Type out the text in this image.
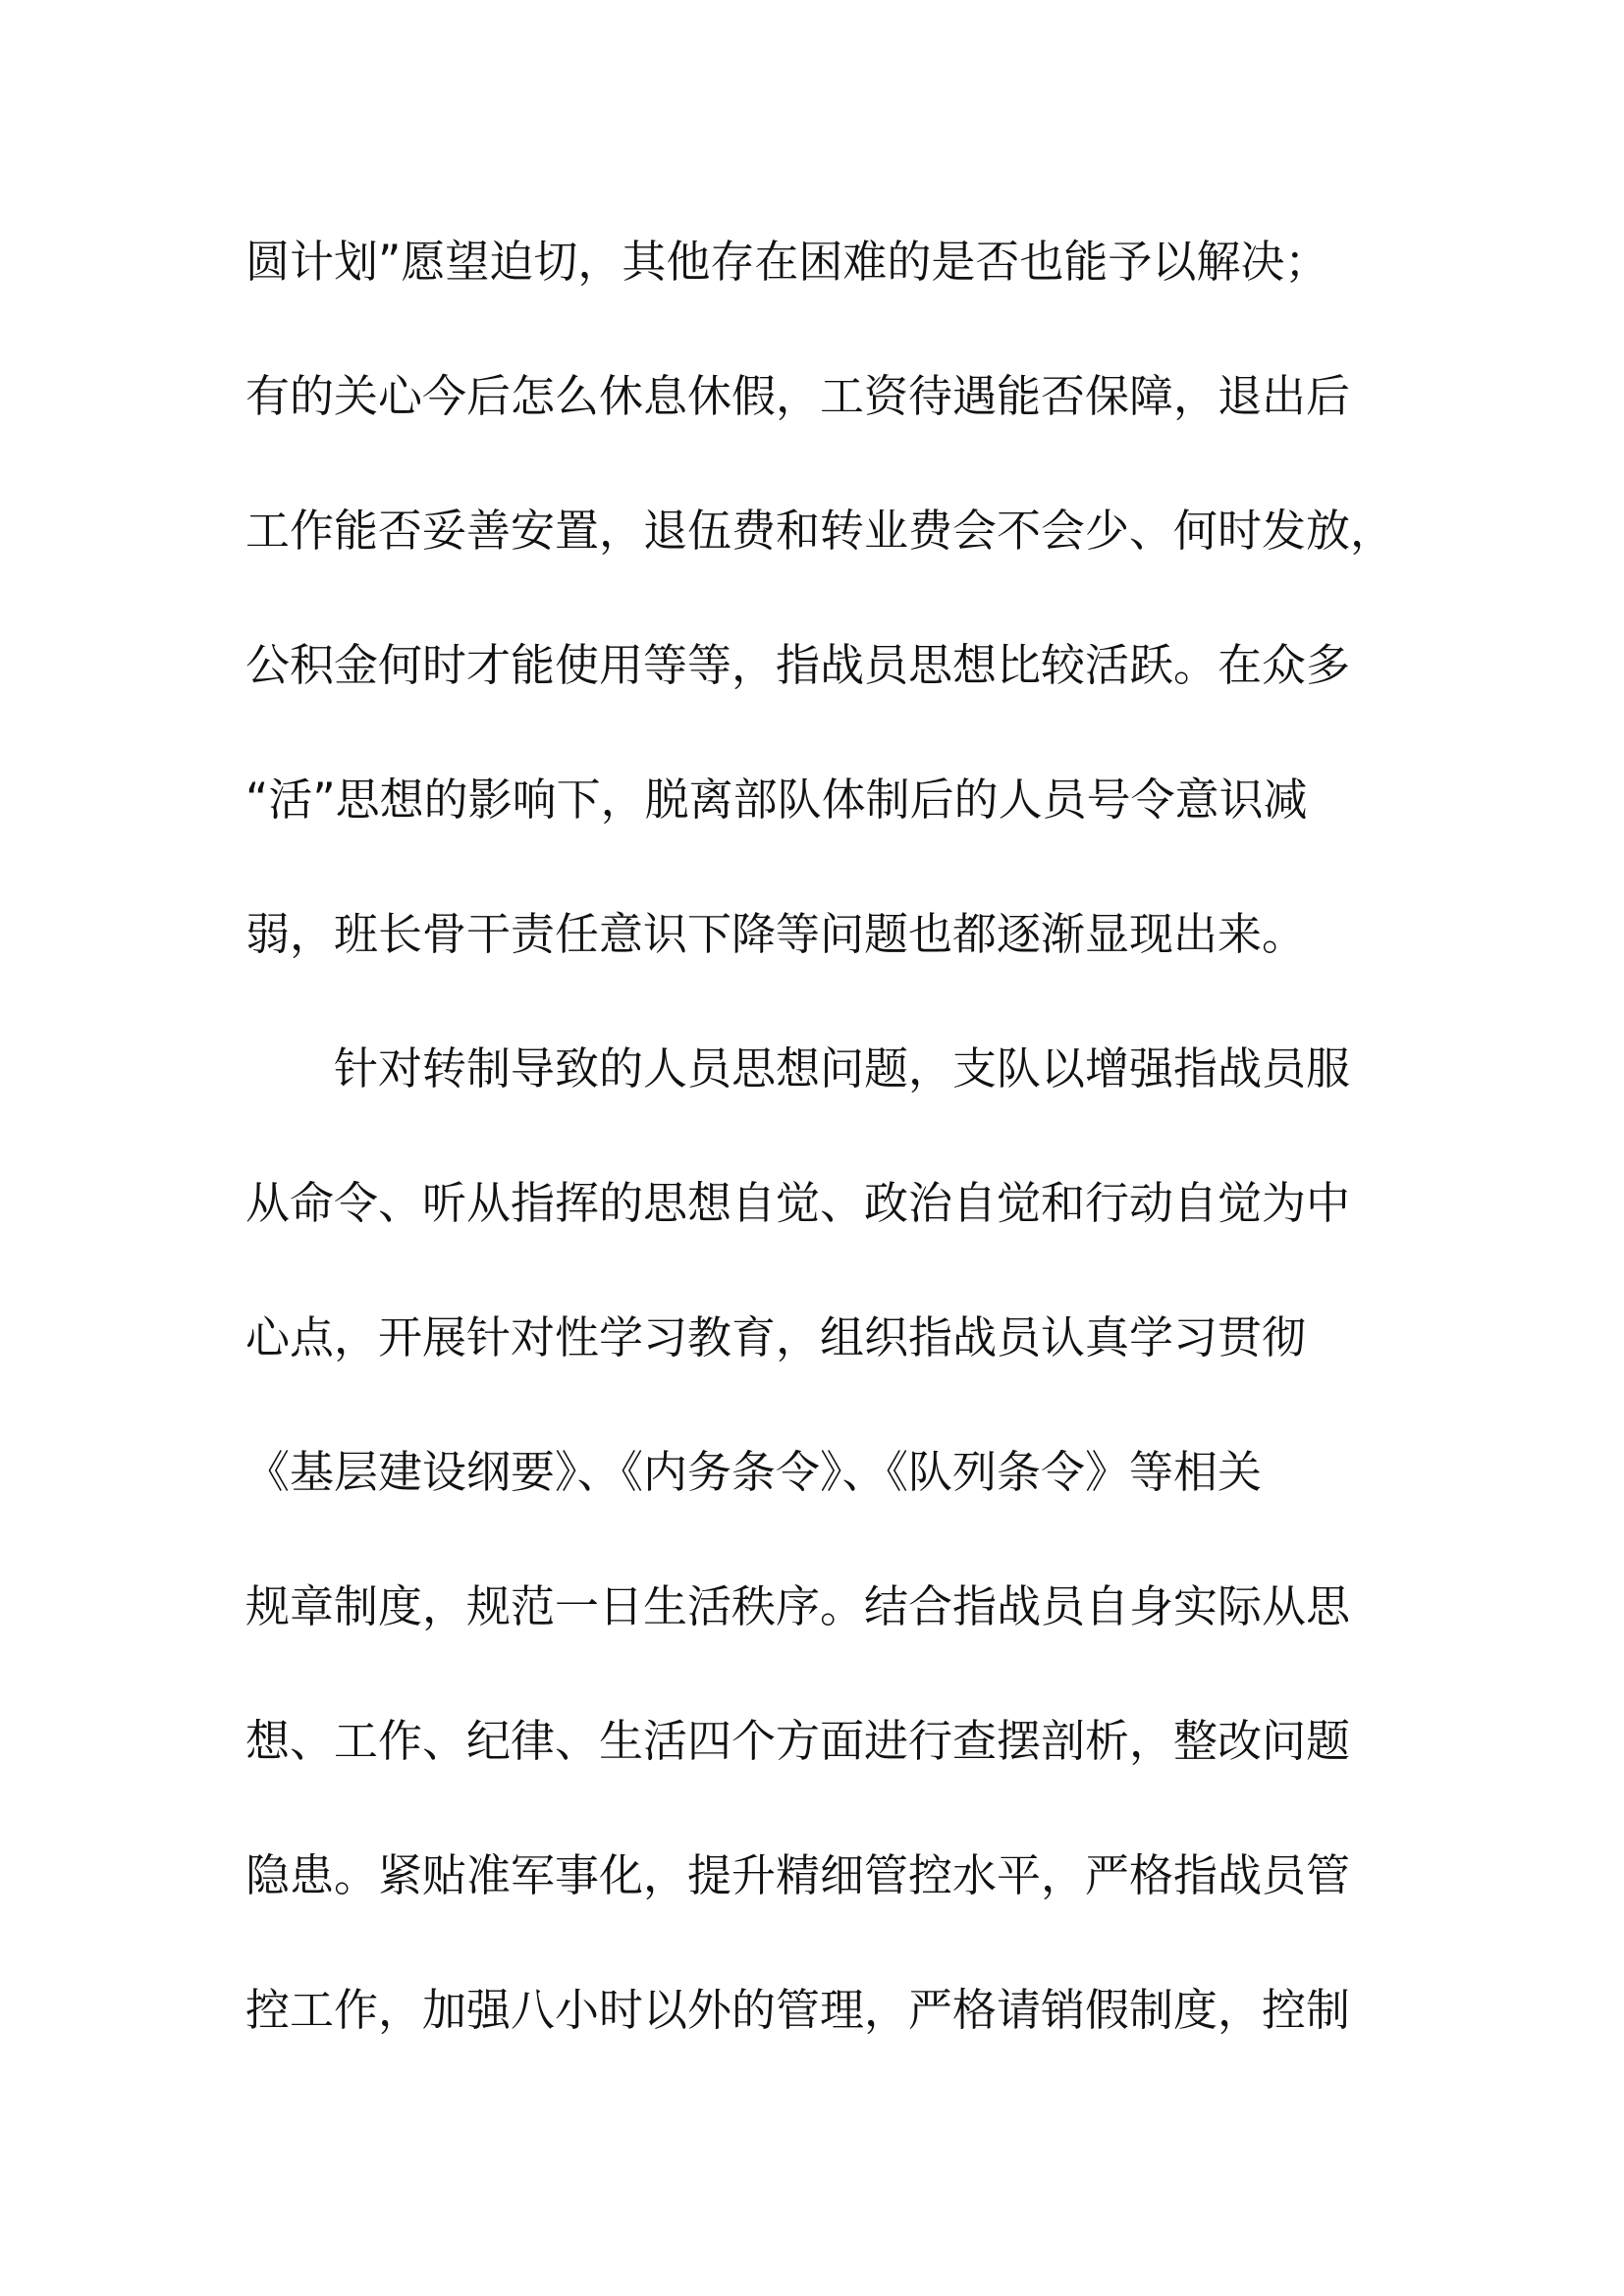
圆计划”愿望迫切，其他存在困难的是否也能予以解决；
有的关心今后怎么休息休假，工资待遇能否保障，退出后
工作能否妥善安置，退伍费和转业费会不会少、何时发放，
公积金何时才能使用等等，指战员思想比较活跃。在众多
“活”思想的影响下，脱离部队体制后的人员号令意识减
弱，班长骨干责任意识下降等问题也都逐渐显现出来。
　　针对转制导致的人员思想问题，支队以增强指战员服
从命令、听从指挥的思想自觉、政治自觉和行动自觉为中
心点，开展针对性学习教育，组织指战员认真学习贯彻
《基层建设纲要》、《内务条令》、《队列条令》等相关
规章制度，规范一日生活秩序。结合指战员自身实际从思
想、工作、纪律、生活四个方面进行查摆剖析，整改问题
隐患。紧贴准军事化，提升精细管控水平，严格指战员管
控工作，加强八小时以外的管理，严格请销假制度，控制
